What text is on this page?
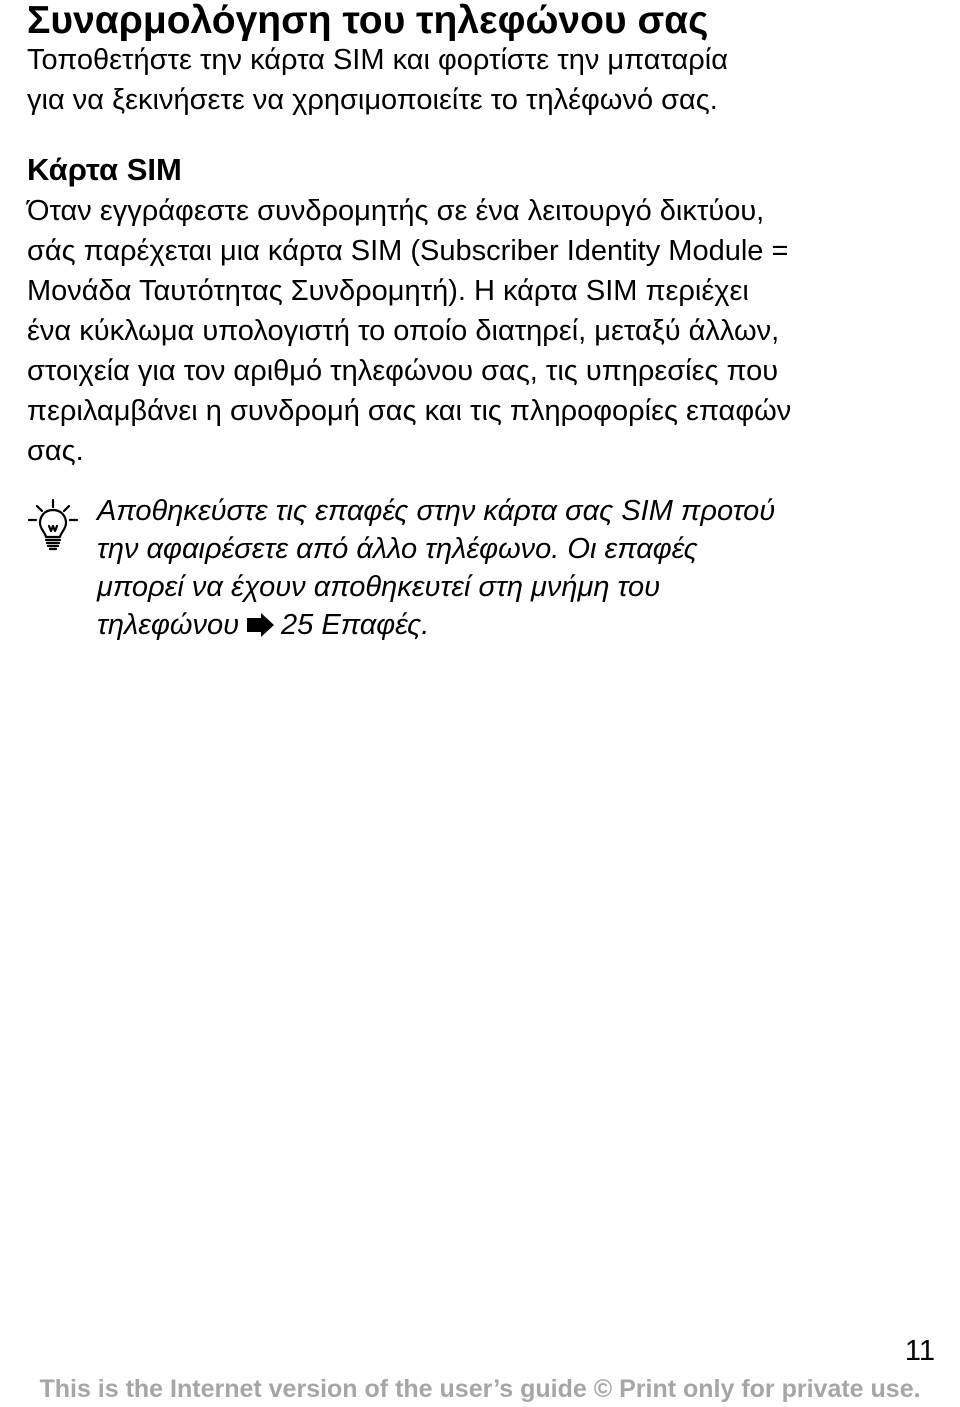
Συναρμολόγηση του τηλεφώνου σας

Τοποθετήστε την κάρτα SIM και φορτίστε την μπαταρία
για να ξεκινήσετε να χρησιμοποιείτε το τηλέφωνό σας.

Κάρτα SIM

Όταν εγγράφεστε συνδρομητής σε ένα λειτουργό δικτύου,
σάς παρέχεται μια κάρτα SIM (Subscriber Identity Module =
Μονάδα Ταυτότητας Συνδρομητή). Η κάρτα SIM περιέχει
ένα κύκλωμα υπολογιστή το οποίο διατηρεί, μεταξύ άλλων,
στοιχεία για τον αριθμό τηλεφώνου σας, τις υπηρεσίες που
περιλαμβάνει η συνδρομή σας και τις πληροφορίες επαφών
σας.

Αποθηκεύστε τις επαφές στην κάρτα σας SIM προτού
την αφαιρέσετε από άλλο τηλέφωνο. Οι επαφές
μπορεί να έχουν αποθηκευτεί στη μνήμη του
τηλεφώνου 25 Επαφές.

11
This is the Internet version of the user’s guide © Print only for private use.
